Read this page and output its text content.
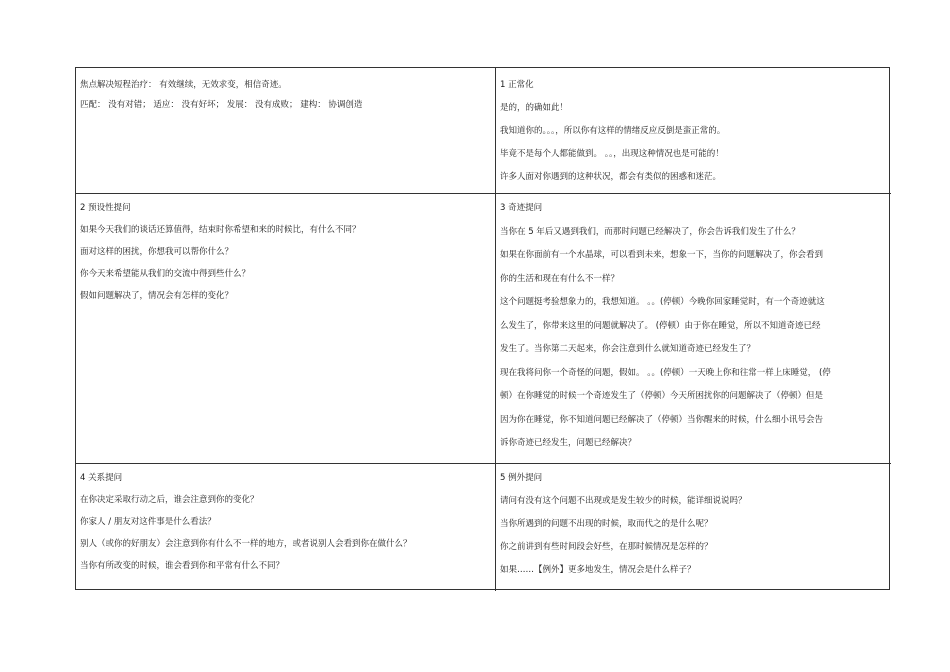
焦点解决短程治疗： 有效继续，无效求变，相信奇迹。

匹配： 没有对错； 适应： 没有好坏； 发展： 没有成败； 建构： 协调创造

1 正常化

是的，的确如此！

我知道你的。。。，所以你有这样的情绪反应反倒是蛮正常的。

毕竟不是每个人都能做到。 。。，出现这种情况也是可能的！

许多人面对你遇到的这种状况，都会有类似的困惑和迷茫。

2 预设性提问

如果今天我们的谈话还算值得，结束时你希望和来的时候比，有什么不同？

面对这样的困扰，你想我可以帮你什么？

你今天来希望能从我们的交流中得到些什么？

假如问题解决了，情况会有怎样的变化？

3 奇迹提问

当你在 5 年后又遇到我们，而那时问题已经解决了，你会告诉我们发生了什么？

如果在你面前有一个水晶球，可以看到未来，想象一下，当你的问题解决了，你会看到

你的生活和现在有什么不一样？

这个问题挺考验想象力的，我想知道。 。。(停顿）今晚你回家睡觉时，有一个奇迹就这

么发生了，你带来这里的问题就解决了。 (停顿）由于你在睡觉，所以不知道奇迹已经

发生了。当你第二天起来，你会注意到什么就知道奇迹已经发生了？

现在我将问你一个奇怪的问题，假如。 。。(停顿）一天晚上你和往常一样上床睡觉， (停

顿）在你睡觉的时候一个奇迹发生了（停顿）今天所困扰你的问题解决了（停顿）但是

因为你在睡觉，你不知道问题已经解决了（停顿）当你醒来的时候，什么细小讯号会告

诉你奇迹已经发生，问题已经解决？

4 关系提问

在你决定采取行动之后，谁会注意到你的变化？

你家人 / 朋友对这件事是什么看法？

别人（或你的好朋友）会注意到你有什么不一样的地方，或者说别人会看到你在做什么？

当你有所改变的时候，谁会看到你和平常有什么不同？

5 例外提问

请问有没有这个问题不出现或是发生较少的时候，能详细说说吗？

当你所遇到的问题不出现的时候，取而代之的是什么呢？

你之前讲到有些时间段会好些，在那时候情况是怎样的？

如果……【例外】更多地发生，情况会是什么样子？
